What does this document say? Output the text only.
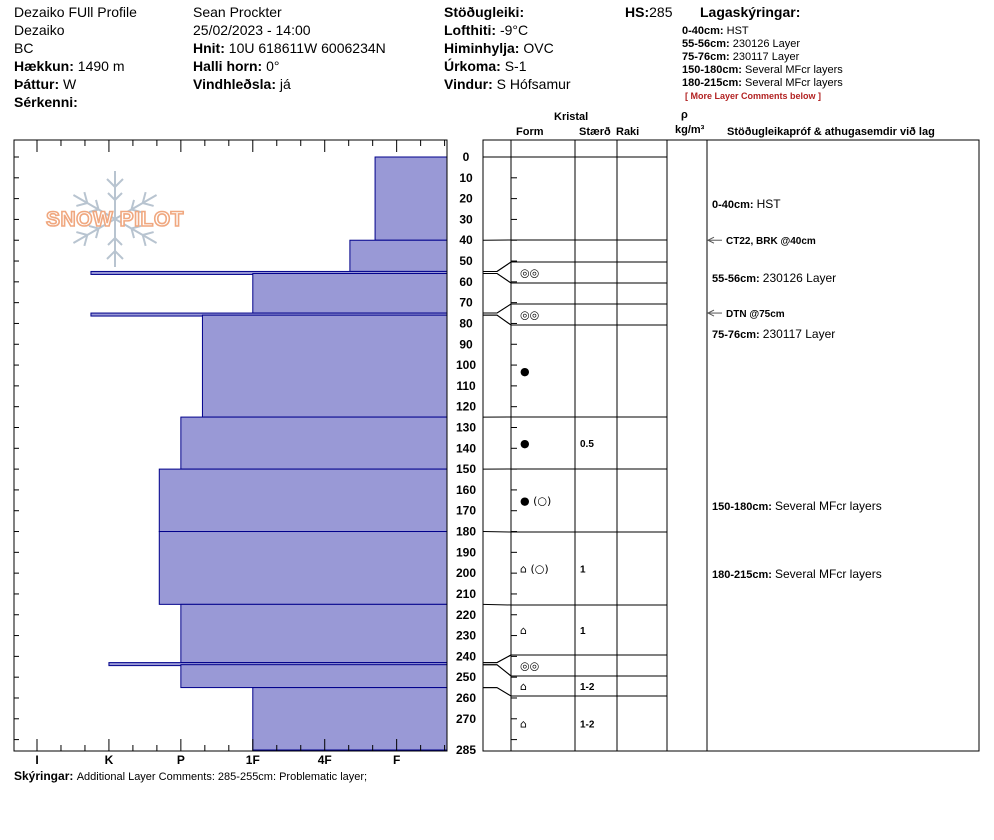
Dezaiko FUll Profile
Dezaiko
BC
Hækkun: 1490 m
Þáttur: W
Sérkenni:
Sean Prockter
25/02/2023 - 14:00
Hnit: 10U 618611W 6006234N
Halli horn: 0°
Vindhleðsla: já
Stöðugleiki:
Lofthiti: -9°C
Himinhylja: OVC
Úrkoma: S-1
Vindur: S Hófsamur
HS:285 Lagaskýringar:
0-40cm: HST
55-56cm: 230126 Layer
75-76cm: 230117 Layer
150-180cm: Several MFcr layers
180-215cm: Several MFcr layers
[ More Layer Comments below ]
Kristal
Form	Stærð Raki
ρ
kg/m³ Stöðugleikapróf & athugasemdir við lag
SNOW PILOT
0
10
20
30
40
50
60
70
80
90
100
110
120
130
140
150
160
170
180
190
200
210
220
230
240
250
260
270
285
I	K	P	1F	4F	F
◎◎
◎◎
●
●	0.5
● (○)
⌂ (○)	1
⌂	1
◎◎
⌂	1-2
⌂	1-2
CT22, BRK @40cm
DTN @75cm
0-40cm: HST
55-56cm: 230126 Layer
75-76cm: 230117 Layer
150-180cm: Several MFcr layers
180-215cm: Several MFcr layers
Skýringar: Additional Layer Comments: 285-255cm: Problematic layer;
